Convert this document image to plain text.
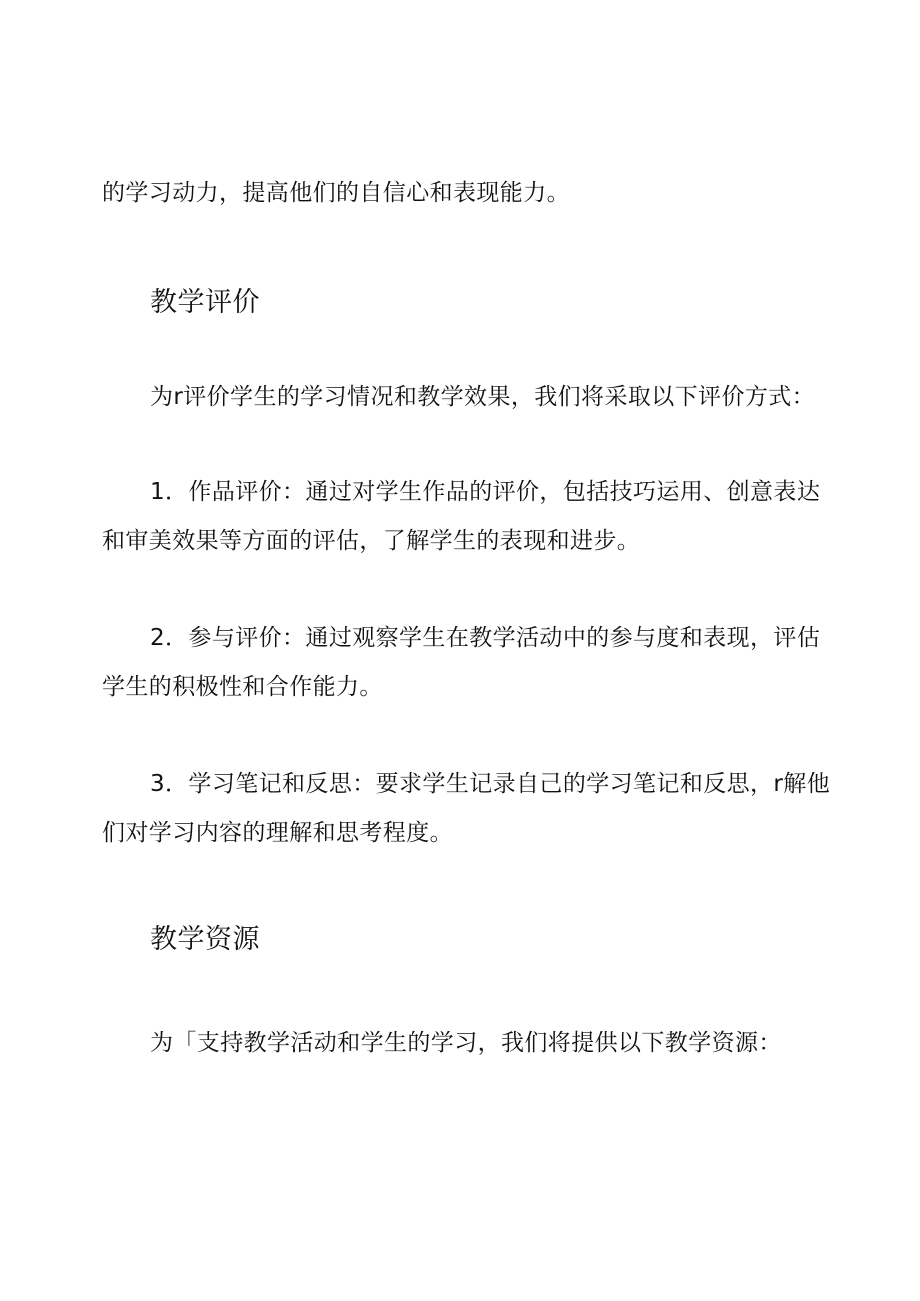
的学习动力，提高他们的自信心和表现能力。
教学评价
为r评价学生的学习情况和教学效果，我们将采取以下评价方式：
1．作品评价：通过对学生作品的评价，包括技巧运用、创意表达
和审美效果等方面的评估，了解学生的表现和进步。
2．参与评价：通过观察学生在教学活动中的参与度和表现，评估
学生的积极性和合作能力。
3．学习笔记和反思：要求学生记录自己的学习笔记和反思，r解他
们对学习内容的理解和思考程度。
教学资源
为「支持教学活动和学生的学习，我们将提供以下教学资源：
